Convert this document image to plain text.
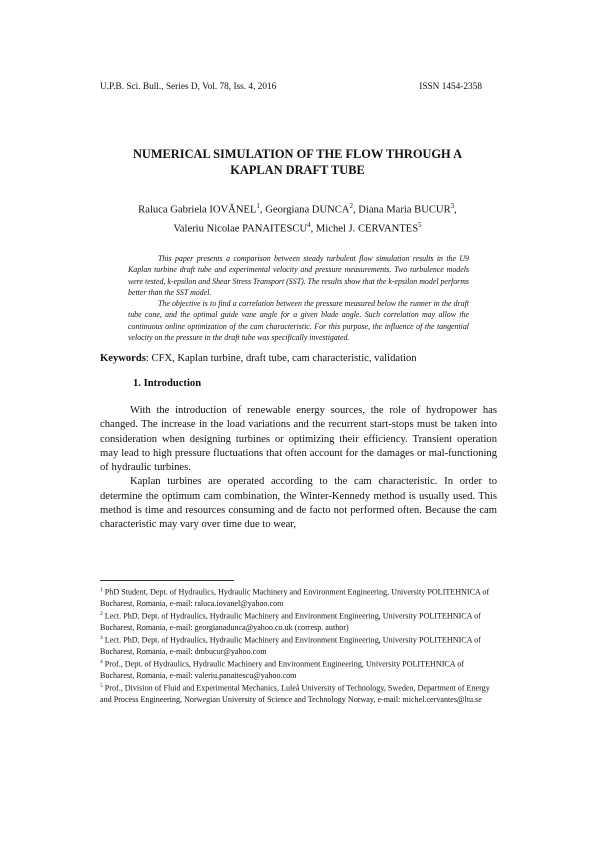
U.P.B. Sci. Bull., Series D, Vol. 78, Iss. 4, 2016	ISSN 1454-2358
NUMERICAL SIMULATION OF THE FLOW THROUGH A
KAPLAN DRAFT TUBE
Raluca Gabriela IOVĂNEL$^1$, Georgiana DUNCA$^2$, Diana Maria BUCUR$^3$,
Valeriu Nicolae PANAITESCU$^4$, Michel J. CERVANTES$^5$

This paper presents a comparison between steady turbulent flow simulation results in the U9 Kaplan turbine draft tube and experimental velocity and pressure measurements. Two turbulence models were tested, k-epsilon and Shear Stress Transport (SST). The results show that the k-epsilon model performs better than the SST model.

The objective is to find a correlation between the pressure measured below the runner in the draft tube cone, and the optimal guide vane angle for a given blade angle. Such correlation may allow the continuous online optimization of the cam characteristic. For this purpose, the influence of the tangential velocity on the pressure in the draft tube was specifically investigated.

Keywords: CFX, Kaplan turbine, draft tube, cam characteristic, validation
1. Introduction

With the introduction of renewable energy sources, the role of hydropower has changed. The increase in the load variations and the recurrent start-stops must be taken into consideration when designing turbines or optimizing their efficiency. Transient operation may lead to high pressure fluctuations that often account for the damages or mal-functioning of hydraulic turbines.

Kaplan turbines are operated according to the cam characteristic. In order to determine the optimum cam combination, the Winter-Kennedy method is usually used. This method is time and resources consuming and de facto not performed often. Because the cam characteristic may vary over time due to wear,

$^1$ PhD Student, Dept. of Hydraulics, Hydraulic Machinery and Environment Engineering, University POLITEHNICA of Bucharest, Romania, e-mail: raluca.iovanel@yahoo.com

$^2$ Lect. PhD, Dept. of Hydraulics, Hydraulic Machinery and Environment Engineering, University POLITEHNICA of Bucharest, Romania, e-mail: georgianadunca@yahoo.co.uk (corresp. author)

$^3$ Lect. PhD, Dept. of Hydraulics, Hydraulic Machinery and Environment Engineering, University POLITEHNICA of Bucharest, Romania, e-mail: dmbucur@yahoo.com

$^4$ Prof., Dept. of Hydraulics, Hydraulic Machinery and Environment Engineering, University POLITEHNICA of Bucharest, Romania, e-mail: valeriu.panaitescu@yahoo.com

$^5$ Prof., Division of Fluid and Experimental Mechanics, Luleå University of Technology, Sweden, Department of Energy and Process Engineering, Norwegian University of Science and Technology Norway, e-mail: michel.cervantes@ltu.se
